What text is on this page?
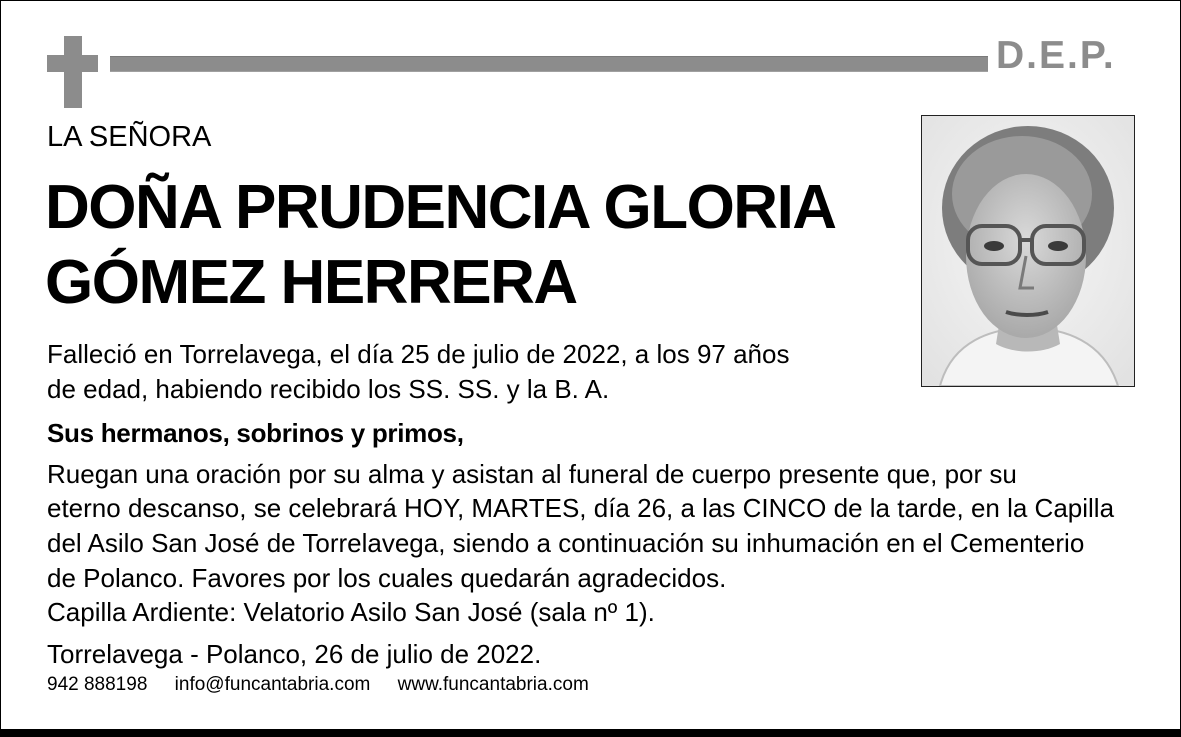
D.E.P.
LA SEÑORA
DOÑA PRUDENCIA GLORIA
GÓMEZ HERRERA
Falleció en Torrelavega, el día 25 de julio de 2022, a los 97 años
de edad, habiendo recibido los SS. SS. y la B. A.
Sus hermanos, sobrinos y primos,
Ruegan una oración por su alma y asistan al funeral de cuerpo presente que, por su
eterno descanso, se celebrará HOY, MARTES, día 26, a las CINCO de la tarde, en la Capilla
del Asilo San José de Torrelavega, siendo a continuación su inhumación en el Cementerio
de Polanco. Favores por los cuales quedarán agradecidos.
Capilla Ardiente: Velatorio Asilo San José (sala nº 1).
Torrelavega - Polanco, 26 de julio de 2022.
942 888198 info@funcantabria.com www.funcantabria.com
